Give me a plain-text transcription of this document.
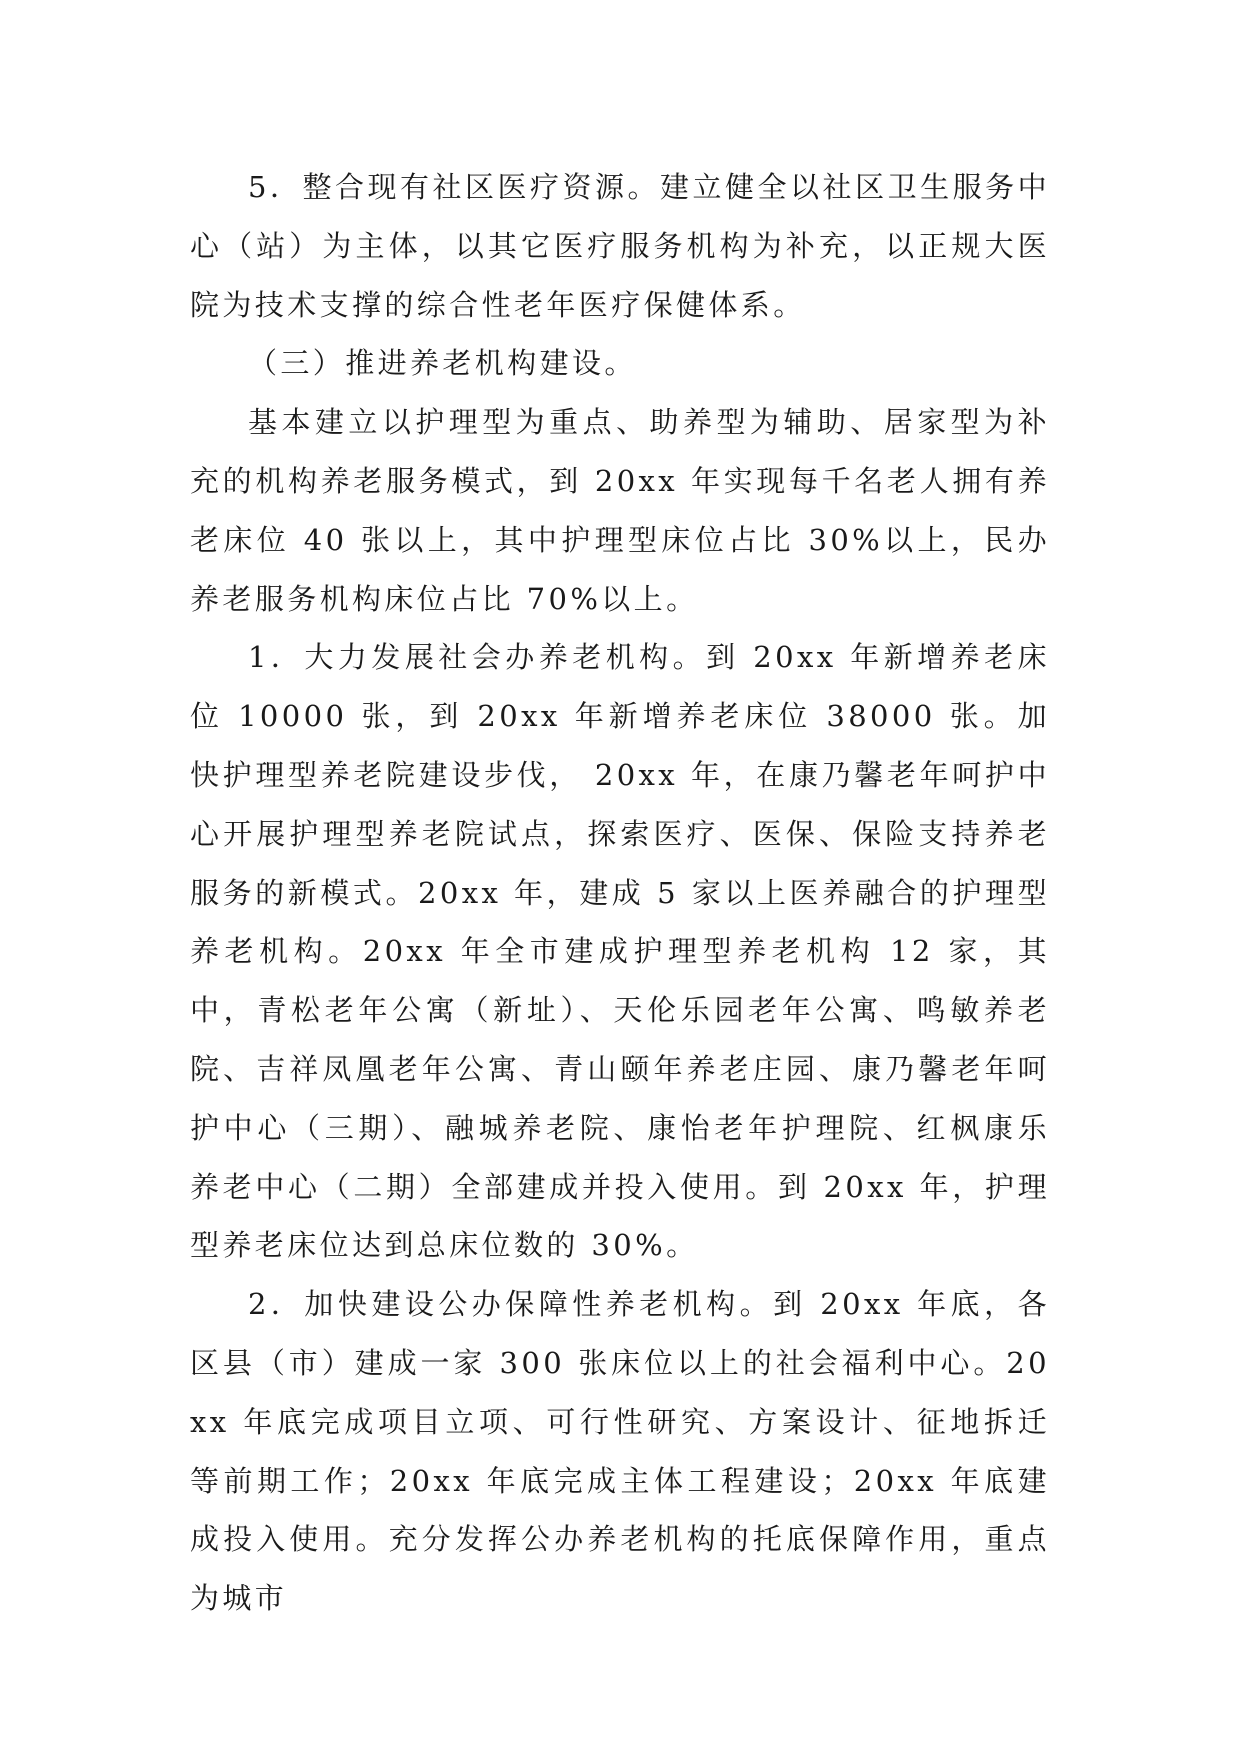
5．整合现有社区医疗资源。建立健全以社区卫生服务中心（站）为主体，以其它医疗服务机构为补充，以正规大医院为技术支撑的综合性老年医疗保健体系。

（三）推进养老机构建设。

基本建立以护理型为重点、助养型为辅助、居家型为补充的机构养老服务模式，到 20xx 年实现每千名老人拥有养老床位 40 张以上，其中护理型床位占比 30%以上，民办养老服务机构床位占比 70%以上。

1．大力发展社会办养老机构。到 20xx 年新增养老床位 10000 张，到 20xx 年新增养老床位 38000 张。加快护理型养老院建设步伐， 20xx 年，在康乃馨老年呵护中心开展护理型养老院试点，探索医疗、医保、保险支持养老服务的新模式。20xx 年，建成 5 家以上医养融合的护理型养老机构。20xx 年全市建成护理型养老机构 12 家，其中，青松老年公寓（新址）、天伦乐园老年公寓、鸣敏养老院、吉祥凤凰老年公寓、青山颐年养老庄园、康乃馨老年呵护中心（三期）、融城养老院、康怡老年护理院、红枫康乐养老中心（二期）全部建成并投入使用。到 20xx 年，护理型养老床位达到总床位数的 30%。

2．加快建设公办保障性养老机构。到 20xx 年底，各区县（市）建成一家 300 张床位以上的社会福利中心。20xx 年底完成项目立项、可行性研究、方案设计、征地拆迁等前期工作；20xx 年底完成主体工程建设；20xx 年底建成投入使用。充分发挥公办养老机构的托底保障作用，重点为城市
